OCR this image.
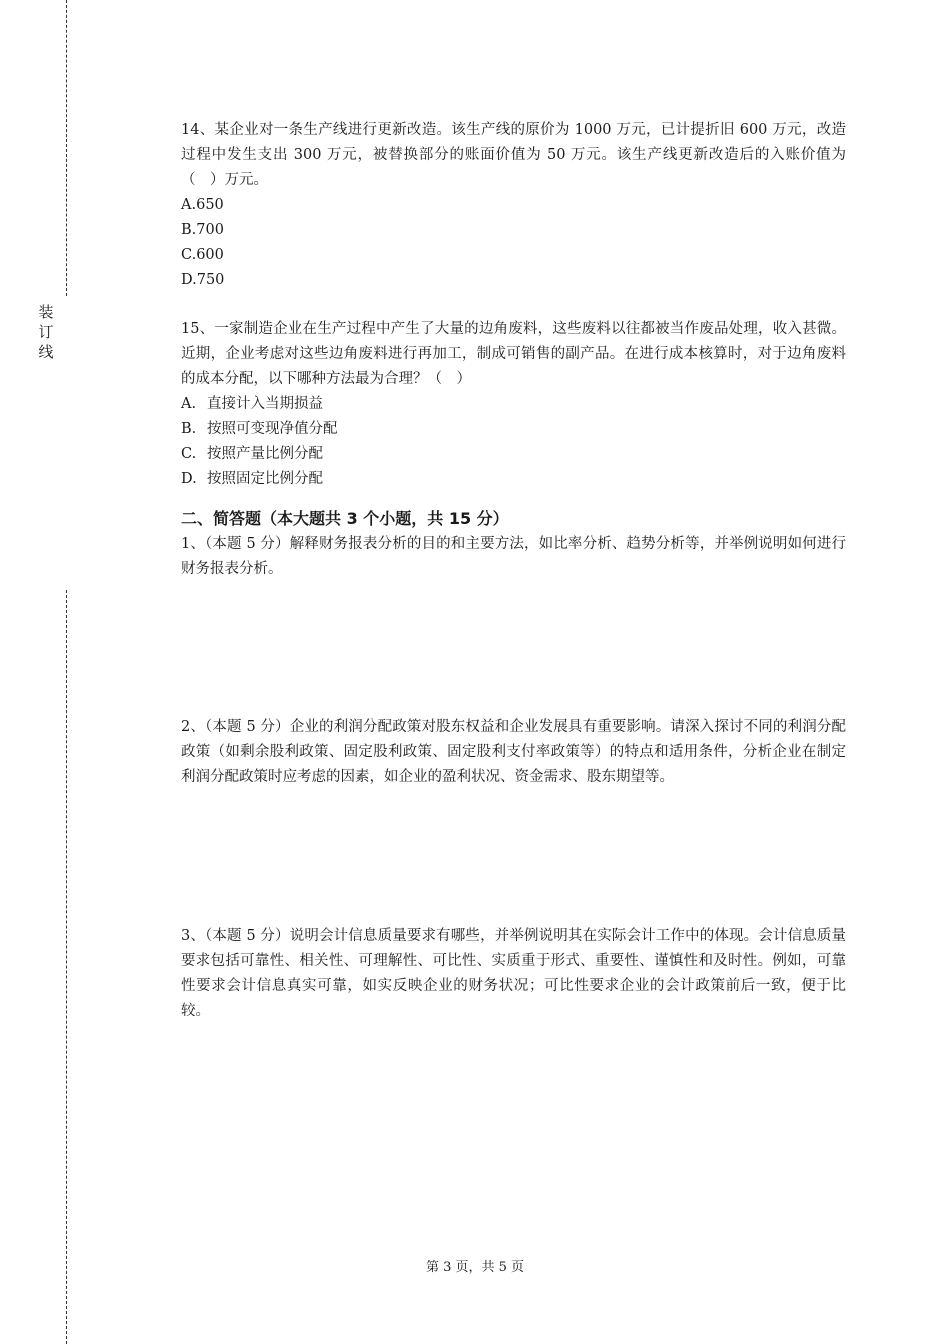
装
订
线

14、某企业对一条生产线进行更新改造。该生产线的原价为 1000 万元，已计提折旧 600 万元，改造过程中发生支出 300 万元，被替换部分的账面价值为 50 万元。该生产线更新改造后的入账价值为（　）万元。

A.650
B.700
C.600
D.750

15、一家制造企业在生产过程中产生了大量的边角废料，这些废料以往都被当作废品处理，收入甚微。近期，企业考虑对这些边角废料进行再加工，制成可销售的副产品。在进行成本核算时，对于边角废料的成本分配，以下哪种方法最为合理？（　）

A. 直接计入当期损益
B. 按照可变现净值分配
C. 按照产量比例分配
D. 按照固定比例分配
二、简答题（本大题共 3 个小题，共 15 分）

1、（本题 5 分）解释财务报表分析的目的和主要方法，如比率分析、趋势分析等，并举例说明如何进行财务报表分析。

2、（本题 5 分）企业的利润分配政策对股东权益和企业发展具有重要影响。请深入探讨不同的利润分配政策（如剩余股利政策、固定股利政策、固定股利支付率政策等）的特点和适用条件，分析企业在制定利润分配政策时应考虑的因素，如企业的盈利状况、资金需求、股东期望等。

3、（本题 5 分）说明会计信息质量要求有哪些，并举例说明其在实际会计工作中的体现。会计信息质量要求包括可靠性、相关性、可理解性、可比性、实质重于形式、重要性、谨慎性和及时性。例如，可靠性要求会计信息真实可靠，如实反映企业的财务状况；可比性要求企业的会计政策前后一致，便于比较。

第 3 页，共 5 页
